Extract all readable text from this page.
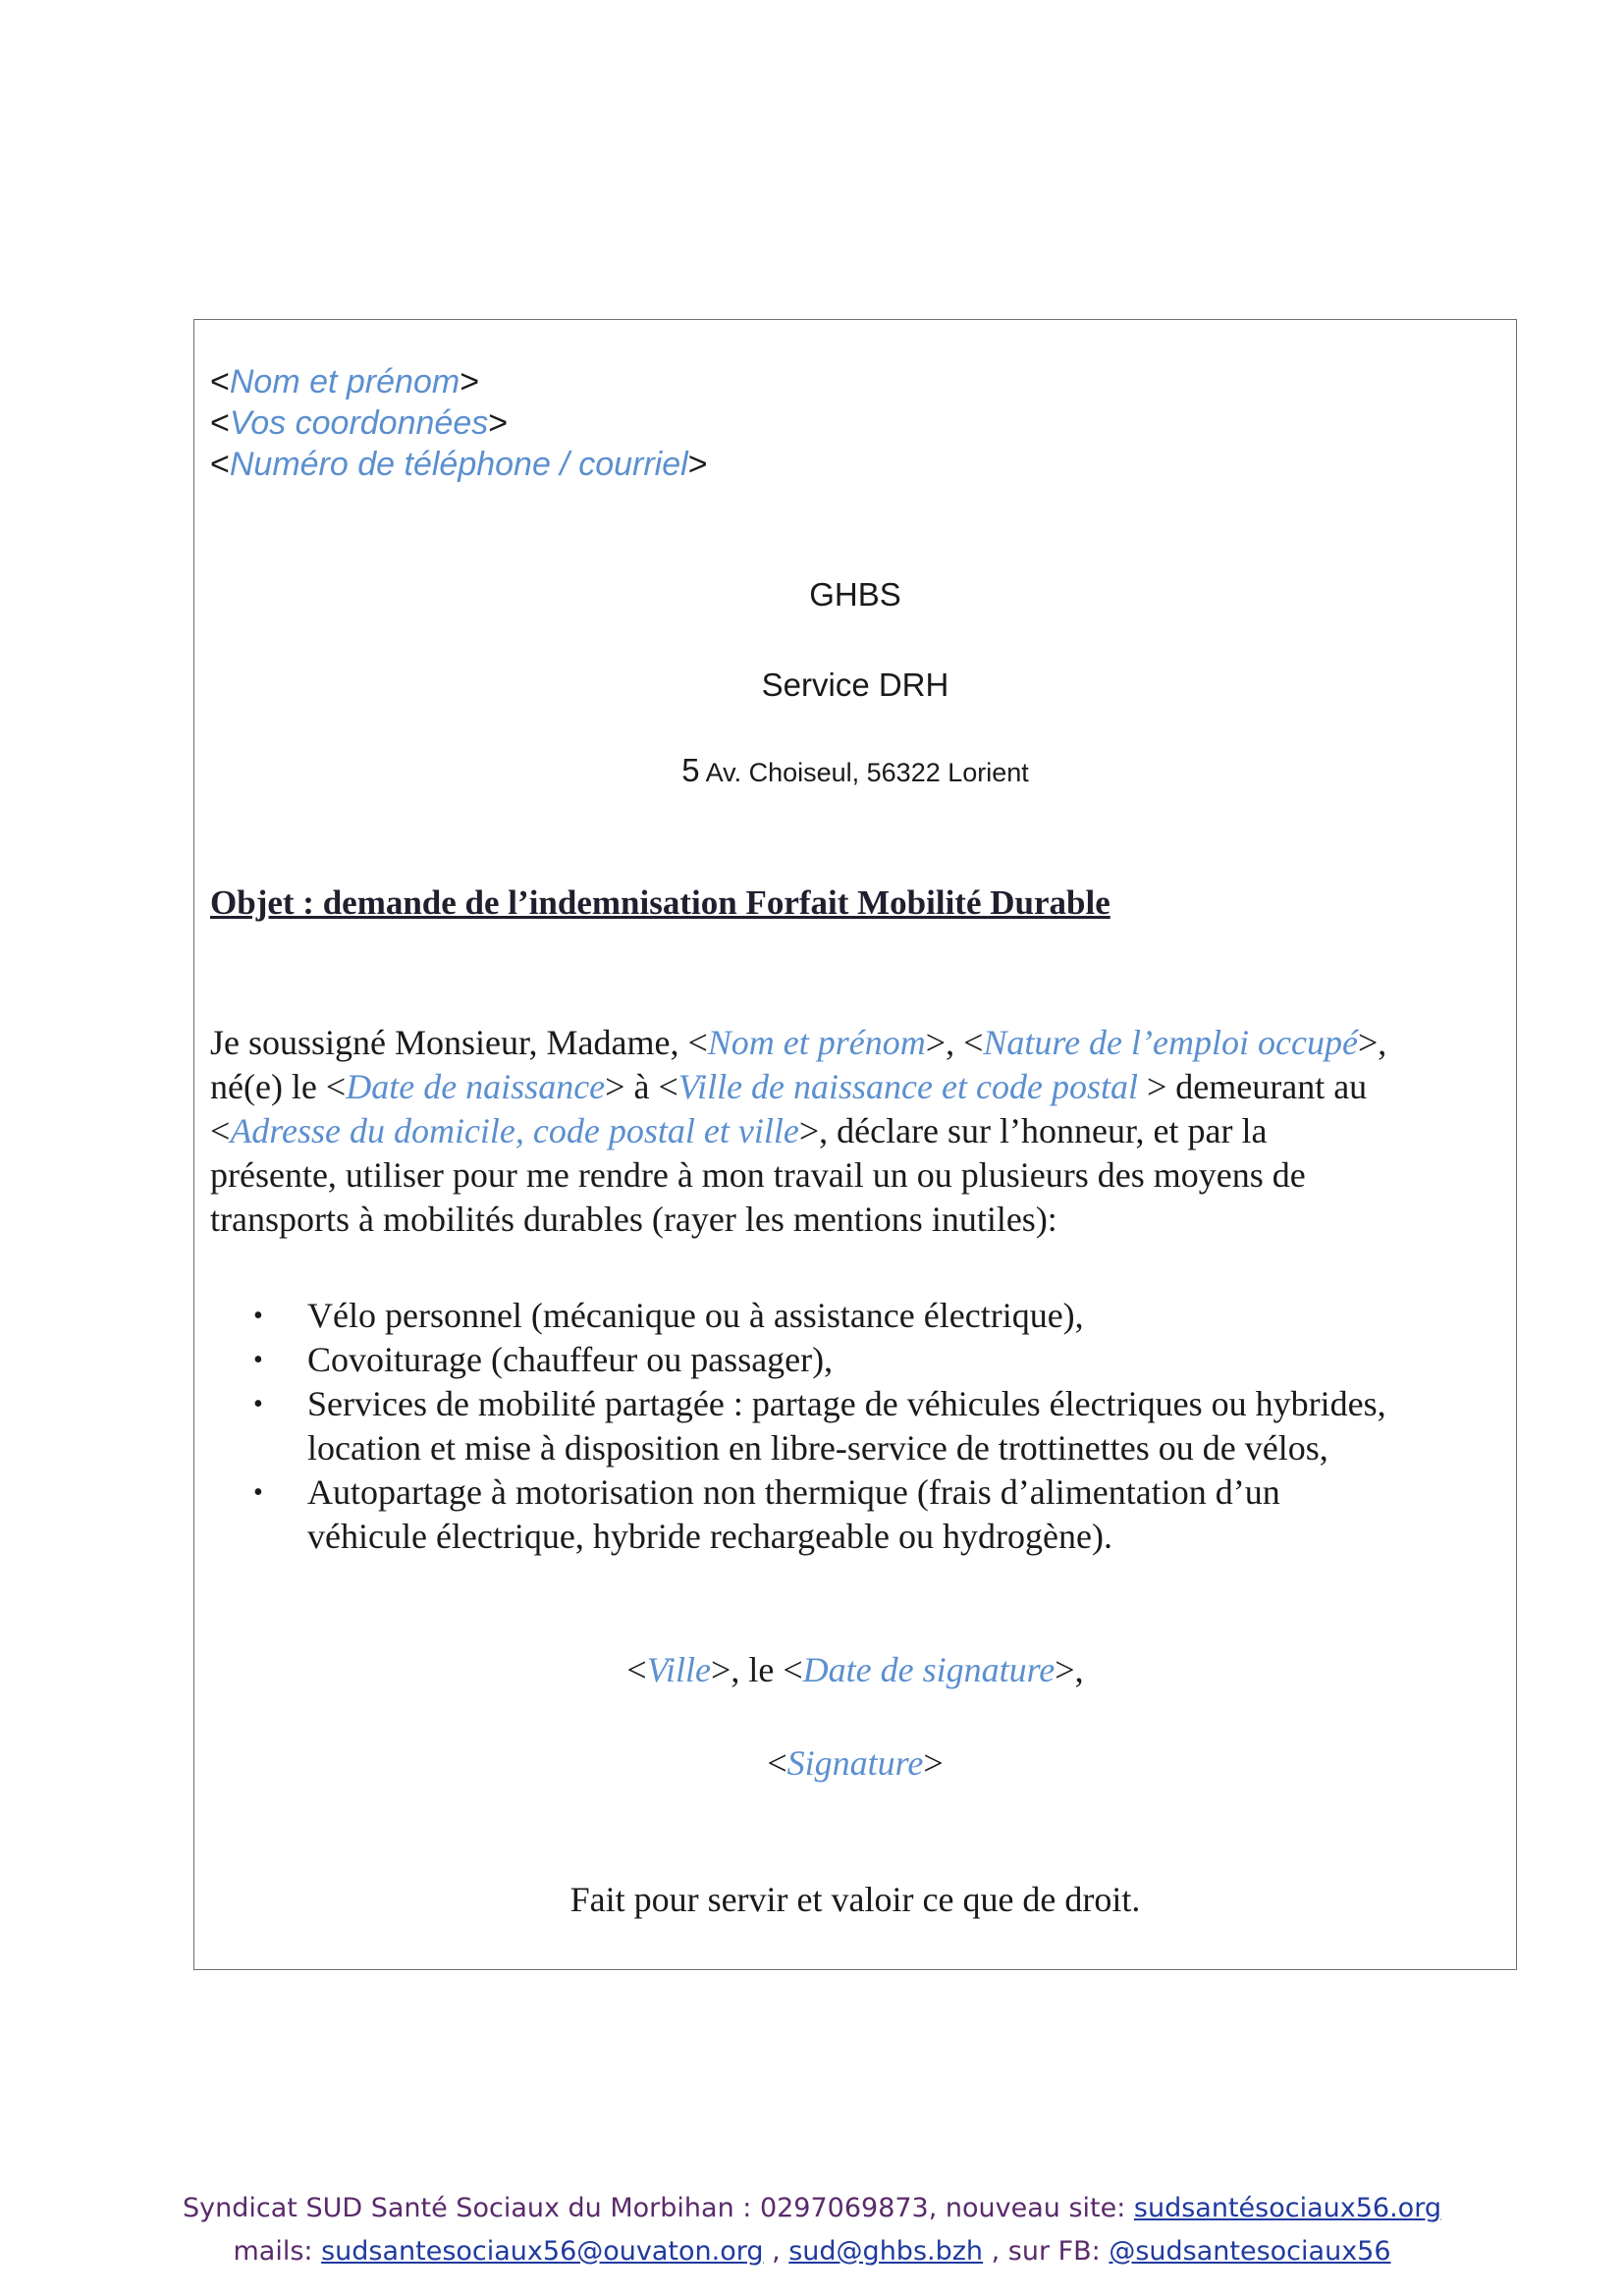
<Nom et prénom>
<Vos coordonnées>
<Numéro de téléphone / courriel>
GHBS
Service DRH
5 Av. Choiseul, 56322 Lorient
Objet : demande de l’indemnisation Forfait Mobilité Durable
Je soussigné Monsieur, Madame, <Nom et prénom>, <Nature de l’emploi occupé>,
né(e) le <Date de naissance> à <Ville de naissance et code postal > demeurant au
<Adresse du domicile, code postal et ville>, déclare sur l’honneur, et par la
présente, utiliser pour me rendre à mon travail un ou plusieurs des moyens de
transports à mobilités durables (rayer les mentions inutiles):
• Vélo personnel (mécanique ou à assistance électrique),
• Covoiturage (chauffeur ou passager),
• Services de mobilité partagée : partage de véhicules électriques ou hybrides,
location et mise à disposition en libre-service de trottinettes ou de vélos,
• Autopartage à motorisation non thermique (frais d’alimentation d’un
véhicule électrique, hybride rechargeable ou hydrogène).
<Ville>, le <Date de signature>,
<Signature>
Fait pour servir et valoir ce que de droit.
Syndicat SUD Santé Sociaux du Morbihan : 0297069873, nouveau site: sudsantésociaux56.org
mails: sudsantesociaux56@ouvaton.org , sud@ghbs.bzh , sur FB: @sudsantesociaux56
